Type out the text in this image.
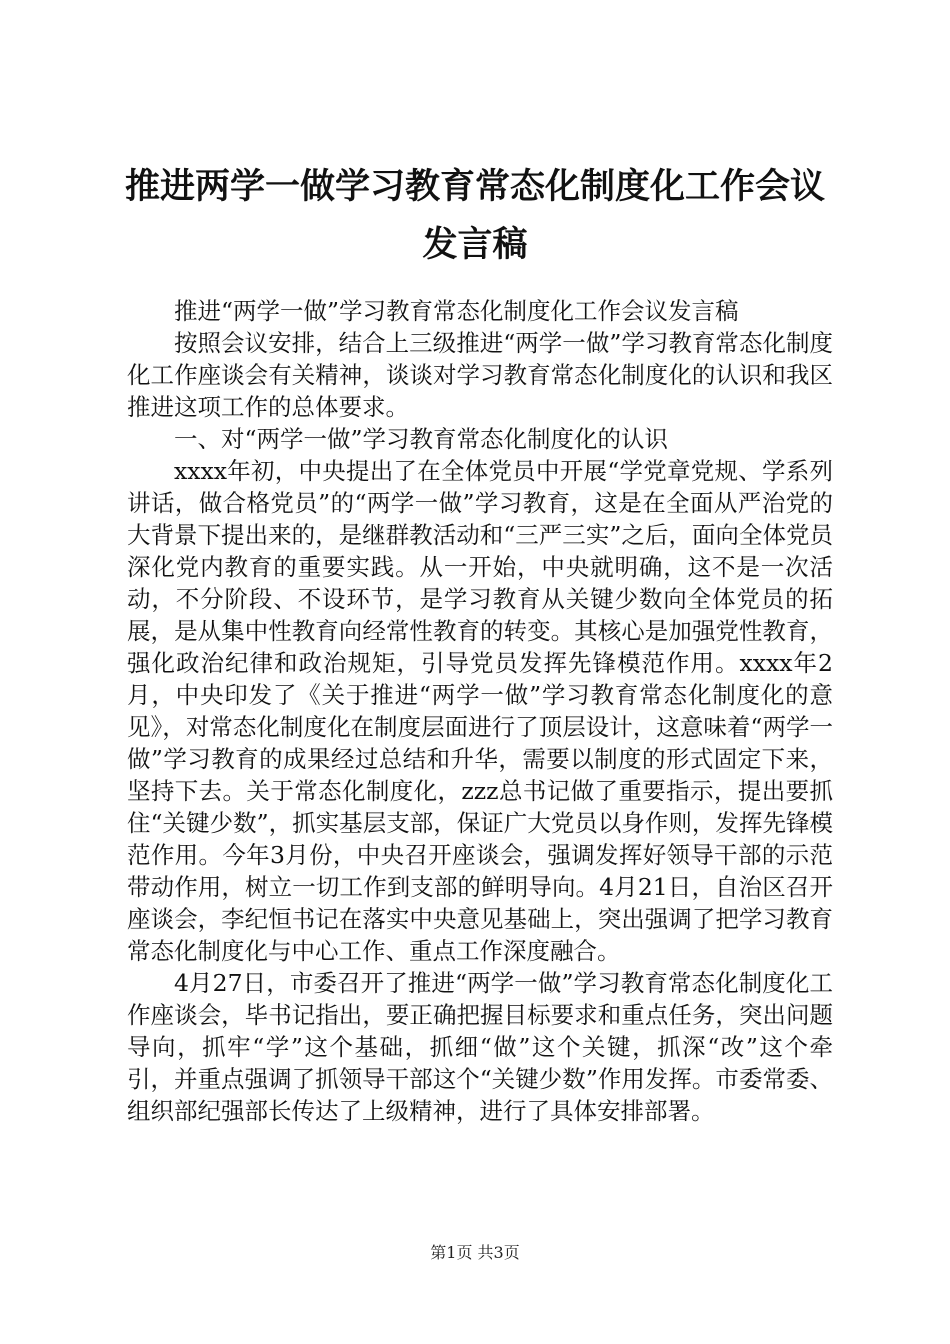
推进两学一做学习教育常态化制度化工作会议
发言稿

推进“两学一做”学习教育常态化制度化工作会议发言稿

按照会议安排，结合上三级推进“两学一做”学习教育常态化制度化工作座谈会有关精神，谈谈对学习教育常态化制度化的认识和我区推进这项工作的总体要求。

一、对“两学一做”学习教育常态化制度化的认识

xxxx年初，中央提出了在全体党员中开展“学党章党规、学系列讲话，做合格党员”的“两学一做”学习教育，这是在全面从严治党的大背景下提出来的，是继群教活动和“三严三实”之后，面向全体党员深化党内教育的重要实践。从一开始，中央就明确，这不是一次活动，不分阶段、不设环节，是学习教育从关键少数向全体党员的拓展，是从集中性教育向经常性教育的转变。其核心是加强党性教育，强化政治纪律和政治规矩，引导党员发挥先锋模范作用。xxxx年2月，中央印发了《关于推进“两学一做”学习教育常态化制度化的意见》，对常态化制度化在制度层面进行了顶层设计，这意味着“两学一做”学习教育的成果经过总结和升华，需要以制度的形式固定下来，坚持下去。关于常态化制度化，zzz总书记做了重要指示，提出要抓住“关键少数”，抓实基层支部，保证广大党员以身作则，发挥先锋模范作用。今年3月份，中央召开座谈会，强调发挥好领导干部的示范带动作用，树立一切工作到支部的鲜明导向。4月21日，自治区召开座谈会，李纪恒书记在落实中央意见基础上，突出强调了把学习教育常态化制度化与中心工作、重点工作深度融合。

4月27日，市委召开了推进“两学一做”学习教育常态化制度化工作座谈会，毕书记指出，要正确把握目标要求和重点任务，突出问题导向，抓牢“学”这个基础，抓细“做”这个关键，抓深“改”这个牵引，并重点强调了抓领导干部这个“关键少数”作用发挥。市委常委、组织部纪强部长传达了上级精神，进行了具体安排部署。

第1页 共3页
